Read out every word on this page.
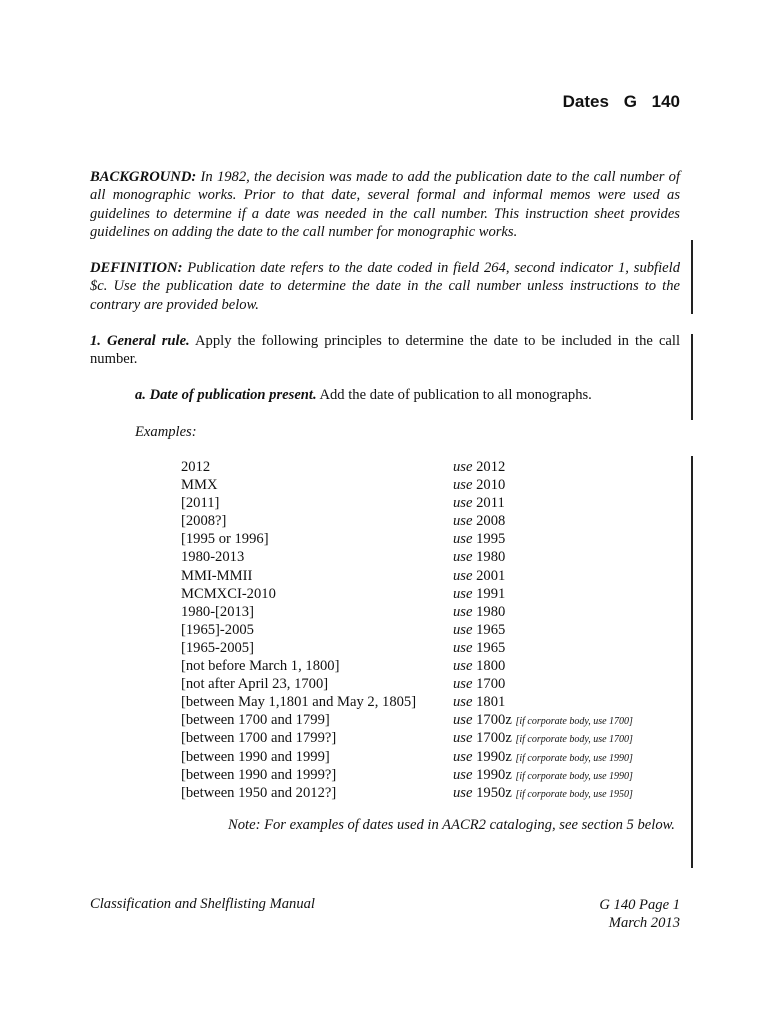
Dates G 140
BACKGROUND: In 1982, the decision was made to add the publication date to the call number of all monographic works. Prior to that date, several formal and informal memos were used as guidelines to determine if a date was needed in the call number. This instruction sheet provides guidelines on adding the date to the call number for monographic works.
DEFINITION: Publication date refers to the date coded in field 264, second indicator 1, subfield $c. Use the publication date to determine the date in the call number unless instructions to the contrary are provided below.
1. General rule. Apply the following principles to determine the date to be included in the call number.
a. Date of publication present. Add the date of publication to all monographs.
Examples:
2012	use 2012
MMX	use 2010
[2011]	use 2011
[2008?]	use 2008
[1995 or 1996]	use 1995
1980-2013	use 1980
MMI-MMII	use 2001
MCMXCI-2010	use 1991
1980-[2013]	use 1980
[1965]-2005	use 1965
[1965-2005]	use 1965
[not before March 1, 1800]	use 1800
[not after April 23, 1700]	use 1700
[between May 1,1801 and May 2, 1805]	use 1801
[between 1700 and 1799]	use 1700z [if corporate body, use 1700]
[between 1700 and 1799?]	use 1700z [if corporate body, use 1700]
[between 1990 and 1999]	use 1990z [if corporate body, use 1990]
[between 1990 and 1999?]	use 1990z [if corporate body, use 1990]
[between 1950 and 2012?]	use 1950z [if corporate body, use 1950]
Note: For examples of dates used in AACR2 cataloging, see section 5 below.
Classification and Shelflisting Manual	G 140 Page 1
March 2013
